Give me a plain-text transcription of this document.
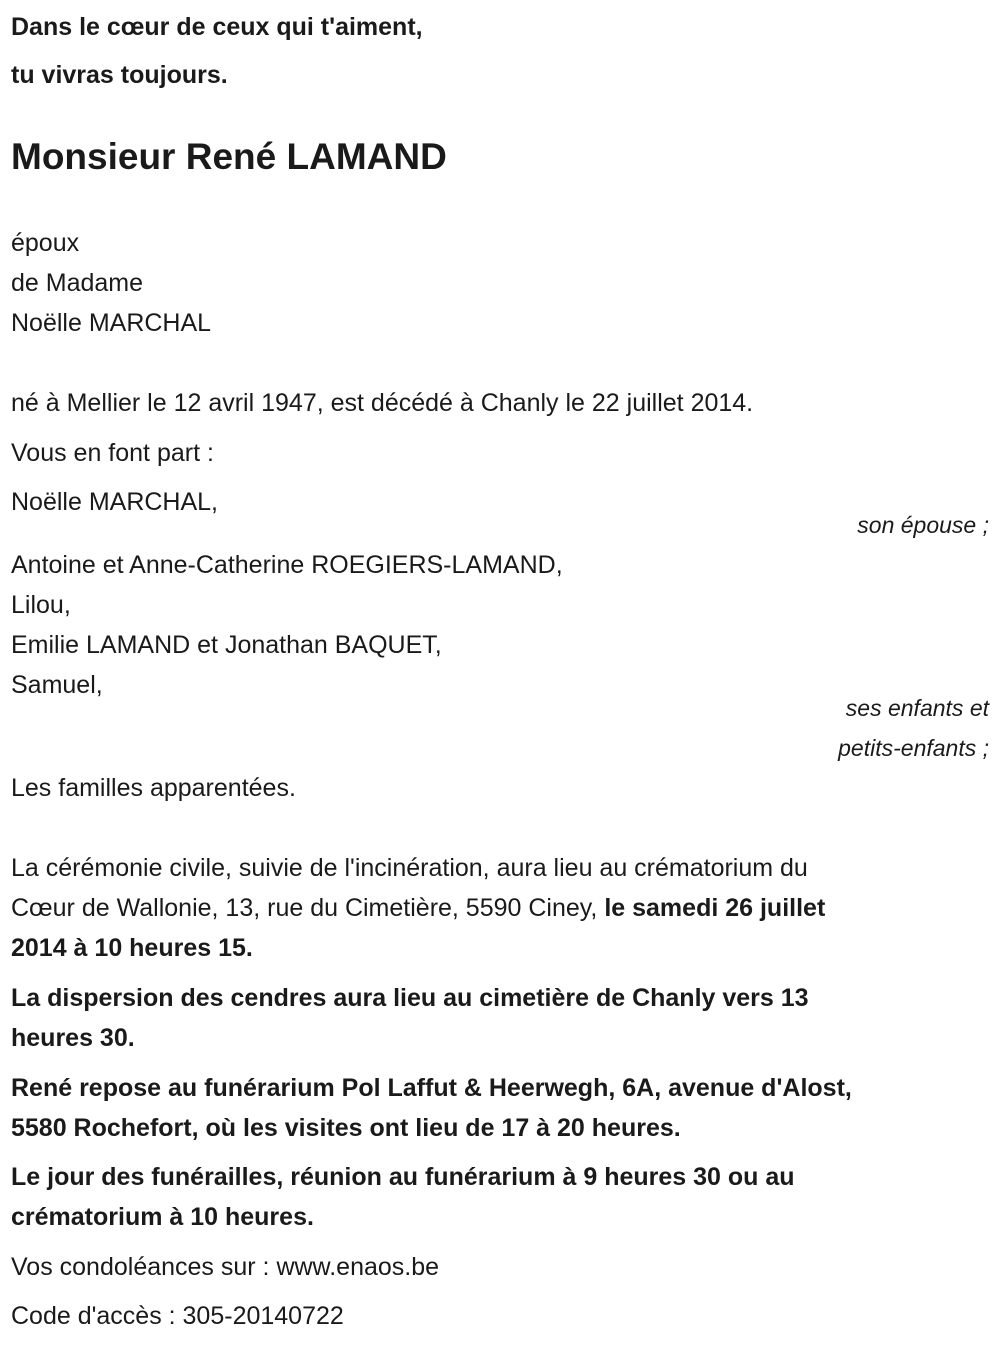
Dans le cœur de ceux qui t'aiment,
tu vivras toujours.
Monsieur René LAMAND
époux
de Madame
Noëlle MARCHAL
né à Mellier le 12 avril 1947, est décédé à Chanly le 22 juillet 2014.
Vous en font part :
Noëlle MARCHAL,
son épouse ;
Antoine et Anne-Catherine ROEGIERS-LAMAND,
Lilou,
Emilie LAMAND et Jonathan BAQUET,
Samuel,
ses enfants et
petits-enfants ;
Les familles apparentées.
La cérémonie civile, suivie de l'incinération, aura lieu au crématorium du
Cœur de Wallonie, 13, rue du Cimetière, 5590 Ciney, le samedi 26 juillet
2014 à 10 heures 15.
La dispersion des cendres aura lieu au cimetière de Chanly vers 13
heures 30.
René repose au funérarium Pol Laffut & Heerwegh, 6A, avenue d'Alost,
5580 Rochefort, où les visites ont lieu de 17 à 20 heures.
Le jour des funérailles, réunion au funérarium à 9 heures 30 ou au
crématorium à 10 heures.
Vos condoléances sur : www.enaos.be
Code d'accès : 305-20140722
